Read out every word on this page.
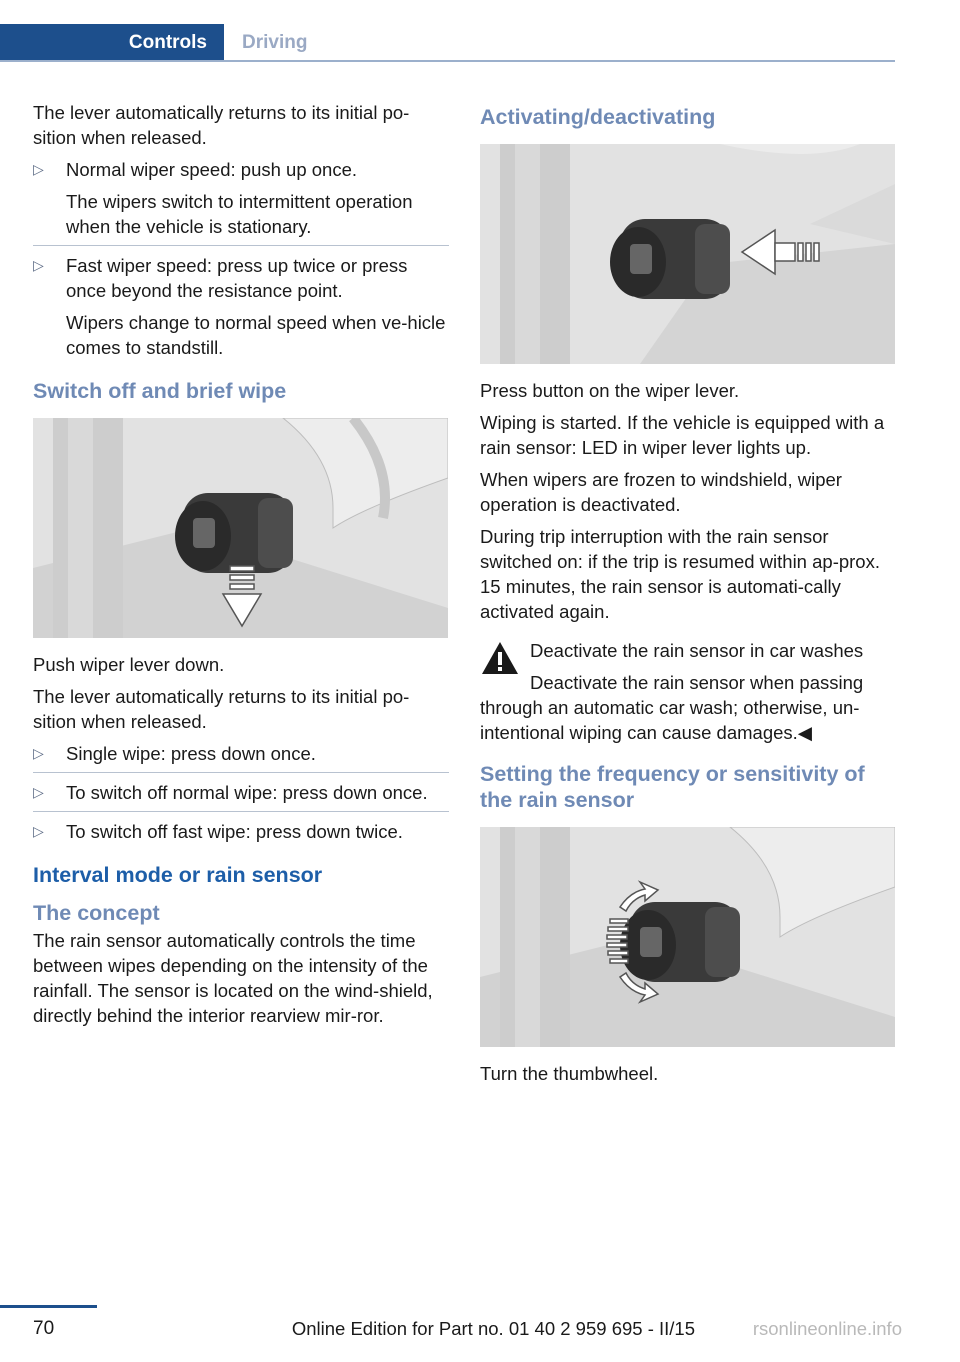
Controls Driving

The lever automatically returns to its initial po‐sition when released.

▷ Normal wiper speed: push up once.

The wipers switch to intermittent operation when the vehicle is stationary.

▷ Fast wiper speed: press up twice or press once beyond the resistance point.

Wipers change to normal speed when ve‐hicle comes to standstill.

Switch off and brief wipe

Push wiper lever down.

The lever automatically returns to its initial po‐sition when released.

▷ Single wipe: press down once.

▷ To switch off normal wipe: press down once.

▷ To switch off fast wipe: press down twice.

Interval mode or rain sensor
The concept

The rain sensor automatically controls the time between wipes depending on the intensity of the rainfall. The sensor is located on the wind‐shield, directly behind the interior rearview mir‐ror.

Activating/deactivating

Press button on the wiper lever.

Wiping is started. If the vehicle is equipped with a rain sensor: LED in wiper lever lights up.

When wipers are frozen to windshield, wiper operation is deactivated.

During trip interruption with the rain sensor switched on: if the trip is resumed within ap‐prox. 15 minutes, the rain sensor is automati‐cally activated again.

Deactivate the rain sensor in car washes

Deactivate the rain sensor when passing through an automatic car wash; otherwise, un‐intentional wiping can cause damages.◀

Setting the frequency or sensitivity of the rain sensor

Turn the thumbwheel.

70	Online Edition for Part no. 01 40 2 959 695 - II/15	rsonlineonline.info
